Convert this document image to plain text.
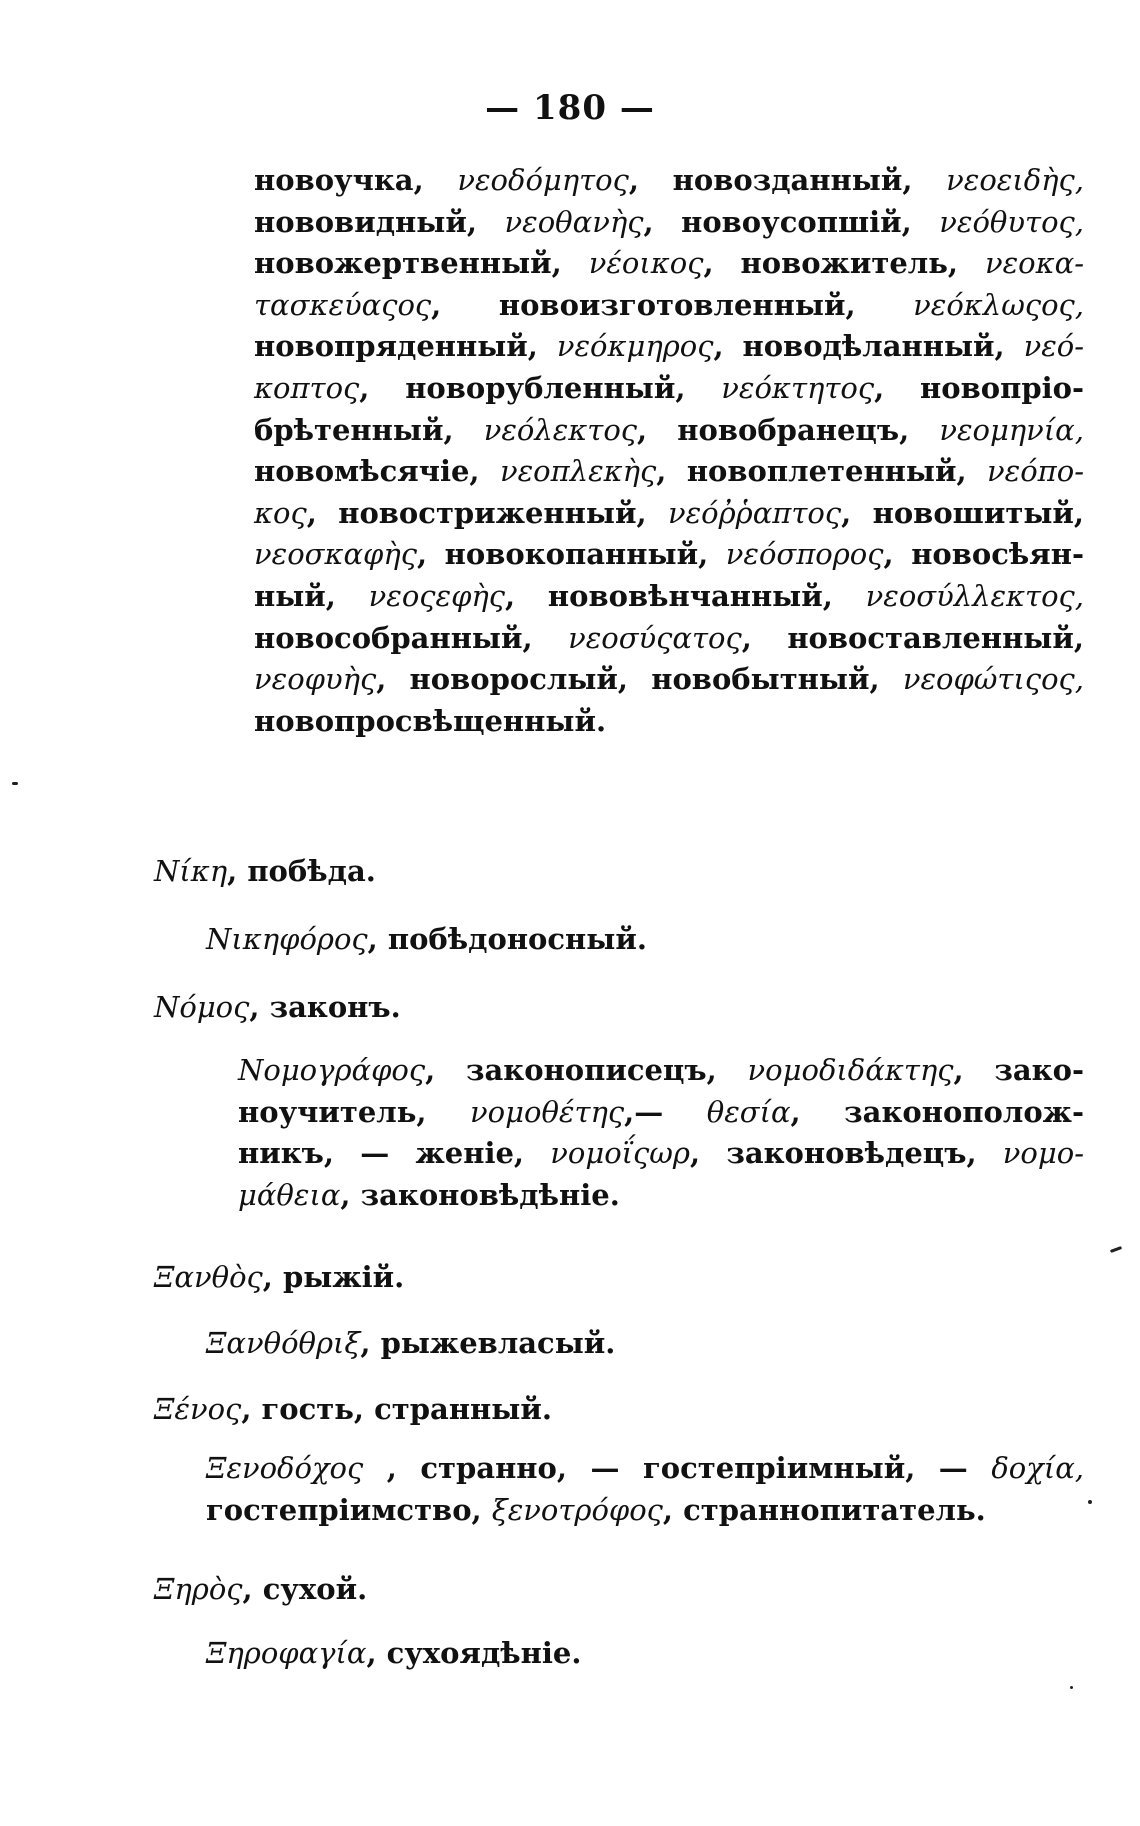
— 180 —
новоучка, νεοδόμητος, новозданный, νεοειδὴς,
нововидный, νεοθανὴς, новоусопшій, νεόθυτος,
новожертвенный, νέοικος, новожитель, νεοκα-
τασκεύαςος, новоизготовленный, νεόκλωςος,
новопряденный, νεόκμηρος, новодѣланный, νεό-
κοπτος, новорубленный, νεόκτητος, новопріо-
брѣтенный, νεόλεκτος, новобранецъ, νεομηνία,
новомѣсячіе, νεοπλεκὴς, новоплетенный, νεόπο-
κος, новостриженный, νεόῤῥαπτος, новошитый,
νεοσκαφὴς, новокопанный, νεόσπορος, новосѣян-
ный, νεοςεφὴς, нововѣнчанный, νεοσύλλεκτος,
новособранный, νεοσύςατος, новоставленный,
νεοφυὴς, новорослый, новобытный, νεοφώτιςος,
новопросвѣщенный.
Νίκη, побѣда.
Νικηφόρος, побѣдоносный.
Νόμος, законъ.
Νομογράφος, законописецъ, νομοδιδάκτης, зако-
ноучитель, νομοθέτης,— θεσία, законополож-
никъ, — женіе, νομοΐςωρ, законовѣдецъ, νομο-
μάθεια, законовѣдѣніе.
Ξανθὸς, рыжій.
Ξανθόθριξ, рыжевласый.
Ξένος, гость, странный.
Ξενοδόχος , странно, — гостепріимный, — δοχία,
гостепріимство, ξενοτρόφος, страннопитатель.
Ξηρὸς, сухой.
Ξηροφαγία, сухоядѣніе.
